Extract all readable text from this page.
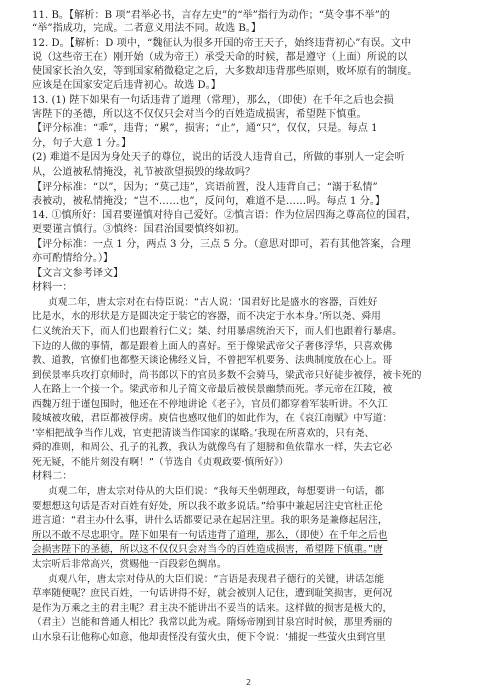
11. B。【解析：B 项“君举必书，言存左史”的“举”指行为动作；“莫令事不举”的
“举”指成功，完成。二者意义用法不同。故选 B。】
12. D。【解析：D 项中，“魏征认为很多开国的帝王天子，始终违背初心”有误。文中
说（这些帝王在）刚开始（成为帝王）承受天命的时候，都是遵守（上面）所说的以
使国家长治久安，等到国家稍微稳定之后，大多数却违背那些原则，败坏原有的制度。
应该是在国家安定后违背初心。故选 D。】
13. (1) 陛下如果有一句话违背了道理（常理），那么，（即使）在千年之后也会损
害陛下的圣德，所以这不仅仅只会对当今的百姓造成损害，希望陛下慎重。
【评分标准：“乖”，违背；“累”，损害；“止”，通“只”，仅仅，只是。每点 1
分，句子大意 1 分。】
(2) 难道不是因为身处天子的尊位，说出的话没人违背自己，所做的事别人一定会听
从，公道被私情掩没，礼节被欲望损毁的缘故吗？
【评分标准：“以”，因为；“莫己违”，宾语前置，没人违背自己；“溺于私情”
表被动，被私情掩没；“岂不……也”，反问句，难道不是……吗。每点 1 分。】
14. ①慎所好：国君要谨慎对待自己爱好。②慎言语：作为位居四海之尊高位的国君，
更要谨言慎行。③慎终：国君治国要慎终如初。
【评分标准：一点 1 分，两点 3 分，三点 5 分。（意思对即可，若有其他答案，合理
亦可酌情给分。）】
【文言文参考译文】
材料一：
贞观二年，唐太宗对在右侍臣说：“古人说：‘国君好比是盛水的容器，百姓好
比是水，水的形状是方是圆决定于装它的容器，而不决定于水本身。’所以尧、舜用
仁义统治天下，而人们也跟着行仁义；桀、纣用暴虐统治天下，而人们也跟着行暴虐。
下边的人做的事情，都是跟着上面人的喜好。至于像梁武帝父子奢侈浮华，只喜欢佛
教、道教，官僚们也都整天谈论佛经义旨，不曾把军机要务、法典制度放在心上。哥
到侯景率兵攻打京师时，尚书郎以下的官员多数不会骑马，梁武帝只好徒步被俘，被卡死的
人在路上一个接一个。梁武帝和儿子简文帝最后被侯景幽禁而死。孝元帝在江陵，被
西魏万纽于谨包围时，他还在不停地讲论《老子》，官员们都穿着军装听讲。不久江
陵城被攻破，君臣都被俘虏。庾信也感叹他们的如此作为，在《哀江南赋》中写道：
‘宰相把战争当作儿戏，官吏把清谈当作国家的谋略。’我现在所喜欢的，只有尧、
舜的准则，和周公、孔子的礼教，我认为就像鸟有了翅膀和鱼依靠水一样，失去它必
死无疑，不能片刻没有啊！”（节选自《贞观政要·慎所好》）
材料二：
贞观二年，唐太宗对侍从的大臣们说：“我每天坐朝理政，每想要讲一句话，都
要想想这句话是否对百姓有好处，所以我不敢多说话。”给事中兼起居注史官杜正伦
进言道：“君主办什么事，讲什么话都要记录在起居注里。我的职务是兼修起居注，
所以不敢不尽忠职守。陛下如果有一句话违背了道理，那么，（即使）在千年之后也
会损害陛下的圣德，所以这不仅仅只会对当今的百姓造成损害，希望陛下慎重。”唐
太宗听后非常高兴，赏赐他一百段彩色绸帛。
贞观八年，唐太宗对侍从的大臣们说：“言语是表现君子德行的关键，讲话怎能
草率随便呢？庶民百姓，一句话讲得不好，就会被别人记住，遭到耻笑损害，更何况
是作为万乘之主的君主呢？君主决不能讲出不妥当的话来。这样做的损害是极大的，
（君主）岂能和普通人相比？我常以此为戒。隋炀帝刚到甘泉宫时时候，那里秀丽的
山水泉石让他称心如意，他却责怪没有萤火虫，便下令说：‘捕捉一些萤火虫到宫里
2
